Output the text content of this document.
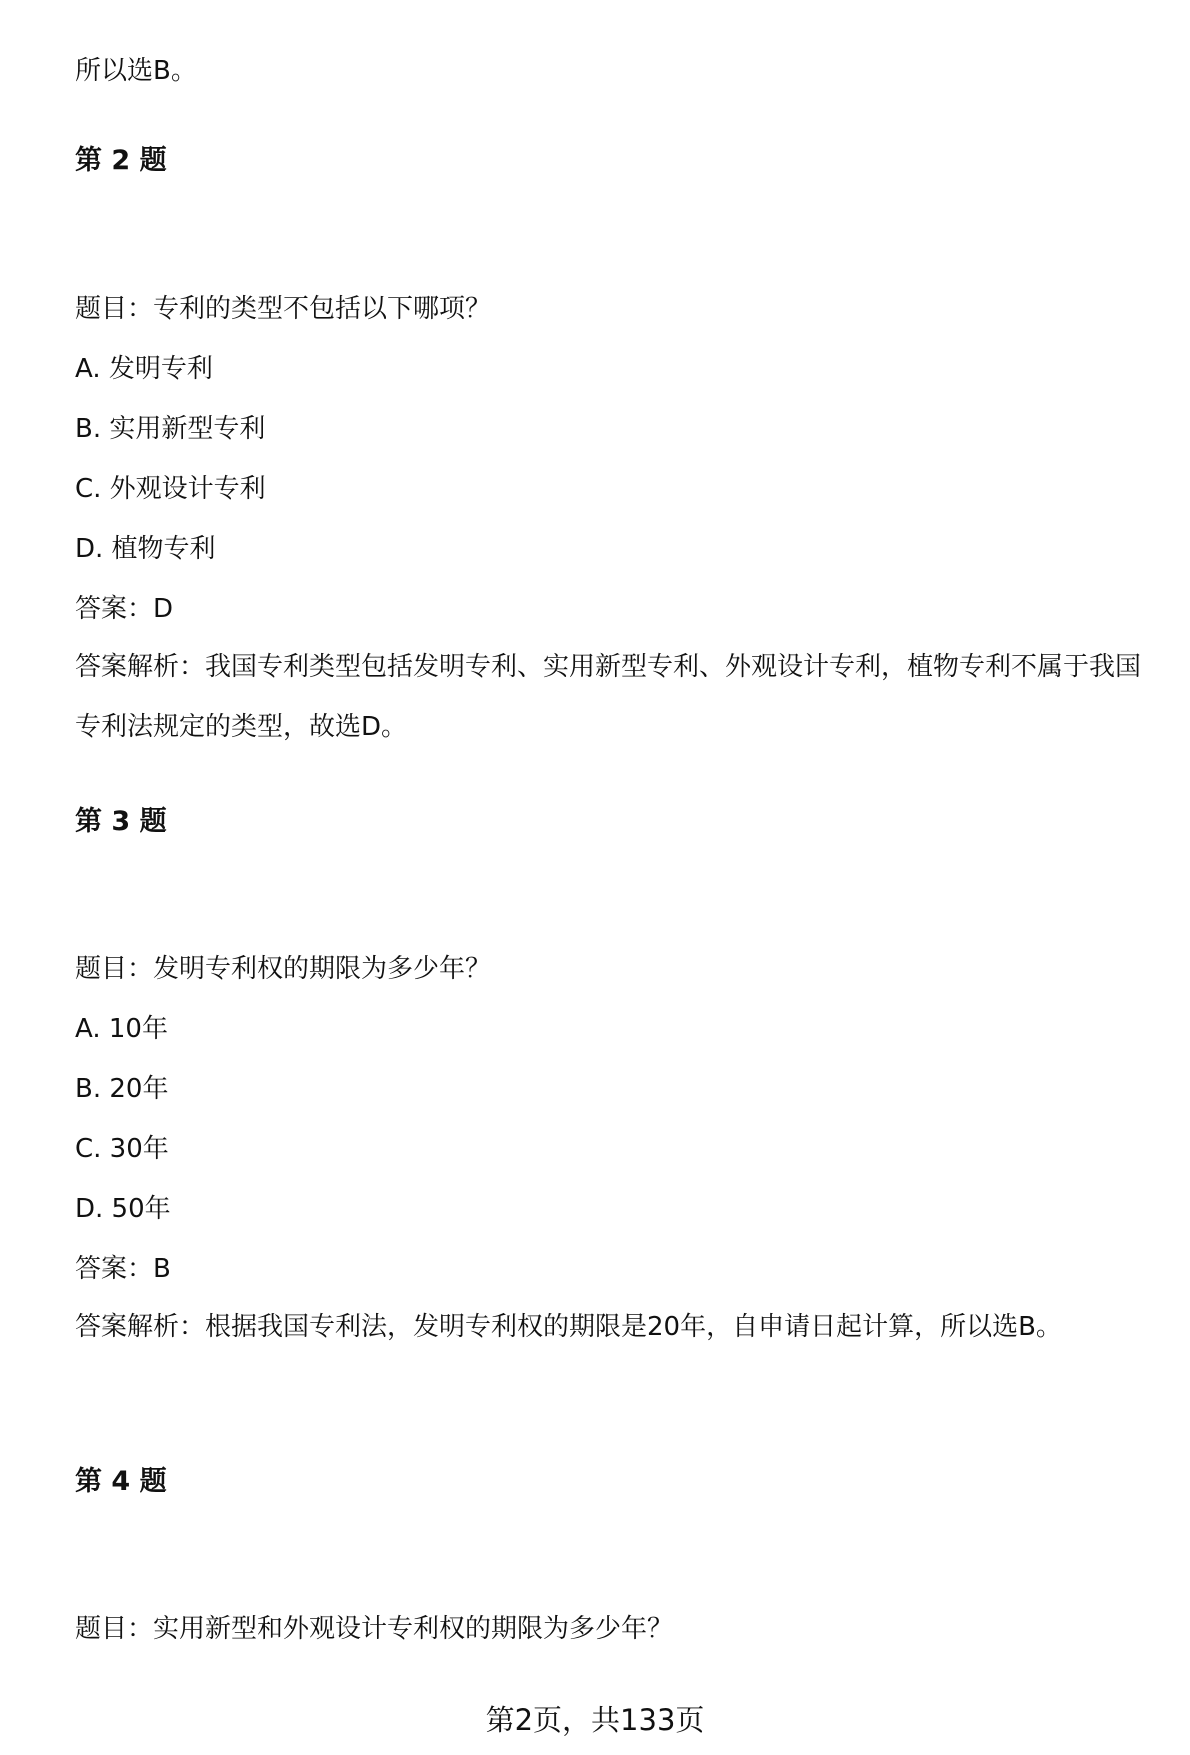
所以选B。
第 2 题
题目：专利的类型不包括以下哪项？
A. 发明专利
B. 实用新型专利
C. 外观设计专利
D. 植物专利
答案：D
答案解析：我国专利类型包括发明专利、实用新型专利、外观设计专利，植物专利不属于我国专利法规定的类型，故选D。
第 3 题
题目：发明专利权的期限为多少年？
A. 10年
B. 20年
C. 30年
D. 50年
答案：B
答案解析：根据我国专利法，发明专利权的期限是20年，自申请日起计算，所以选B。
第 4 题
题目：实用新型和外观设计专利权的期限为多少年？
第2页，共133页
